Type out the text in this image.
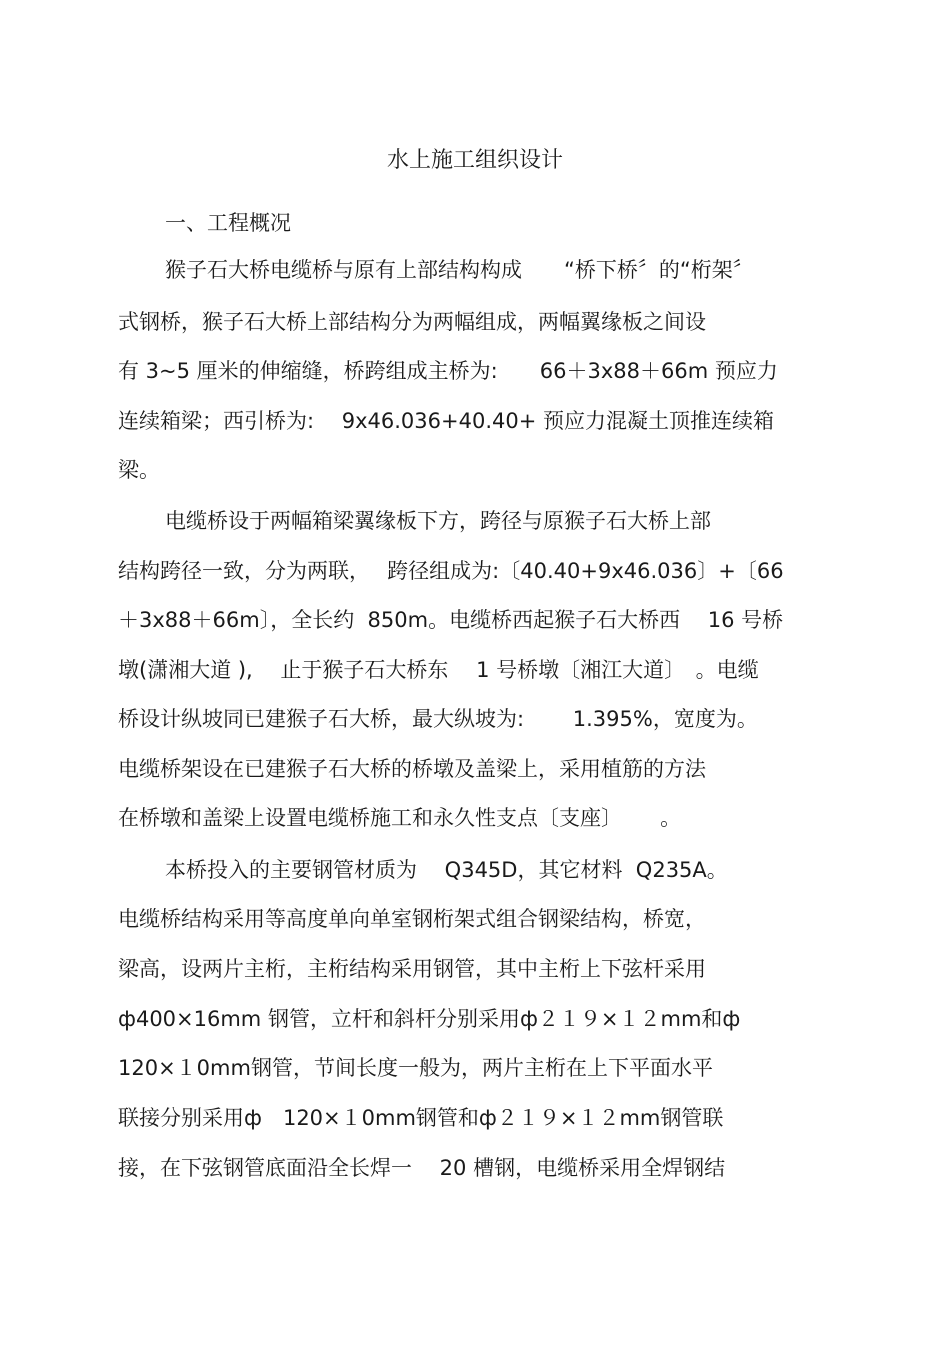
水上施工组织设计
一、工程概况
猴子石大桥电缆桥与原有上部结构构成　　“桥下桥〞的“桁架〞
式钢桥，猴子石大桥上部结构分为两幅组成，两幅翼缘板之间设
有 3~5 厘米的伸缩缝，桥跨组成主桥为:　　66＋3x88＋66m 预应力
连续箱梁；西引桥为:　 9x46.036+40.40+ 预应力混凝土顶推连续箱
梁。
电缆桥设于两幅箱梁翼缘板下方，跨径与原猴子石大桥上部
结构跨径一致，分为两联，　 跨径组成为:〔40.40+9x46.036〕+〔66
＋3x88＋66m〕，全长约  850m。电缆桥西起猴子石大桥西　 16 号桥
墩(潇湘大道 ),　 止于猴子石大桥东　 1 号桥墩〔湘江大道〕　。电缆
桥设计纵坡同已建猴子石大桥，最大纵坡为:　　 1.395%，宽度为。
电缆桥架设在已建猴子石大桥的桥墩及盖梁上，采用植筋的方法
在桥墩和盖梁上设置电缆桥施工和永久性支点〔支座〕　　 。
本桥投入的主要钢管材质为　 Q345D，其它材料  Q235A。
电缆桥结构采用等高度单向单室钢桁架式组合钢梁结构，桥宽，
梁高，设两片主桁，主桁结构采用钢管，其中主桁上下弦杆采用
ф400×16mm 钢管，立杆和斜杆分别采用ф２１９×１２mm和ф
120×１0mm钢管，节间长度一般为，两片主桁在上下平面水平
联接分别采用ф　120×１0mm钢管和ф２１９×１２mm钢管联
接，在下弦钢管底面沿全长焊一　 20 槽钢，电缆桥采用全焊钢结
